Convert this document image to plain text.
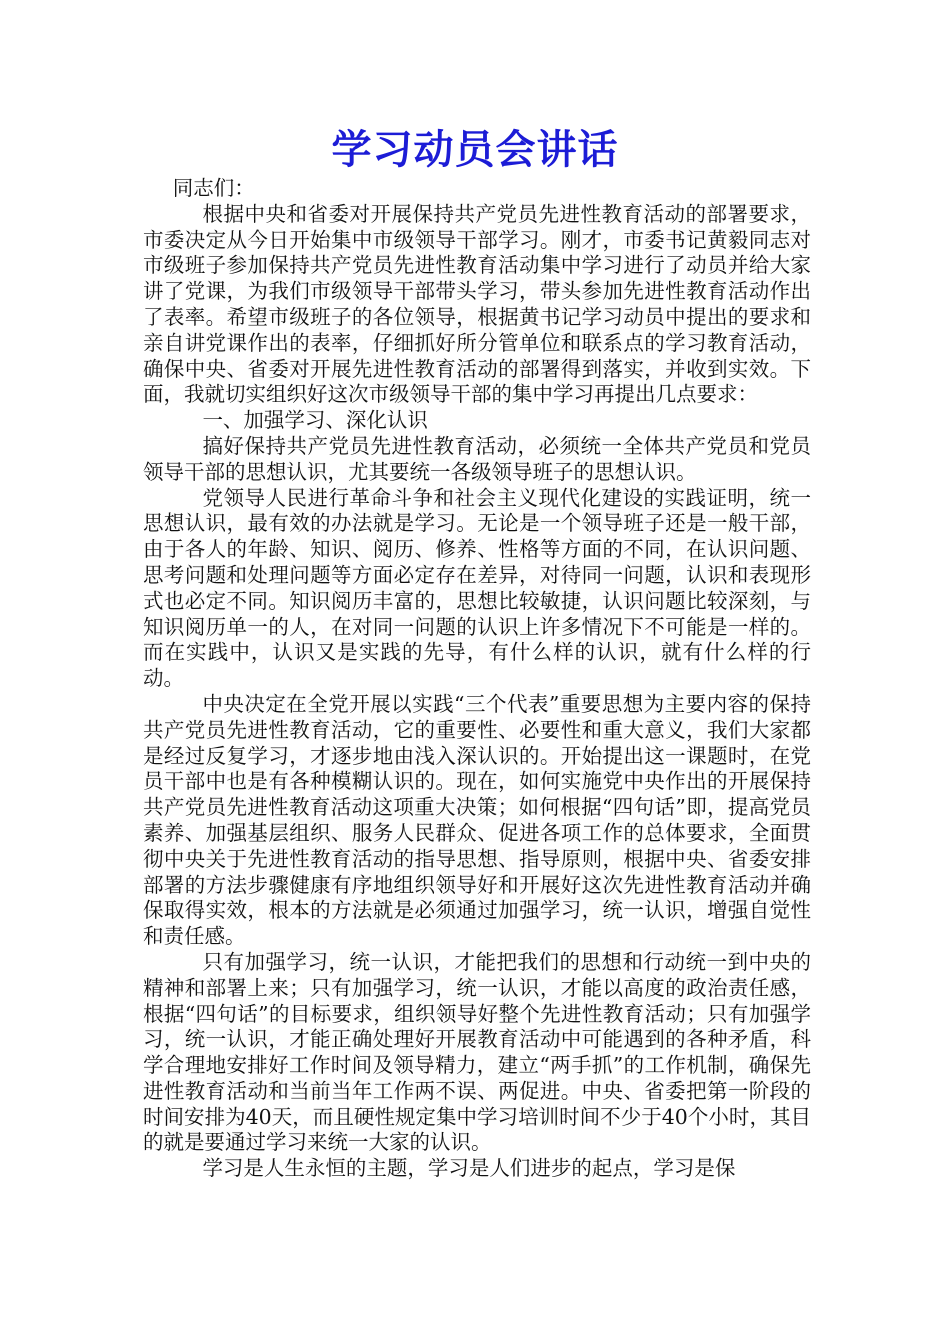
学习动员会讲话

同志们：

根据中央和省委对开展保持共产党员先进性教育活动的部署要求，市委决定从今日开始集中市级领导干部学习。刚才，市委书记黄毅同志对市级班子参加保持共产党员先进性教育活动集中学习进行了动员并给大家讲了党课，为我们市级领导干部带头学习，带头参加先进性教育活动作出了表率。希望市级班子的各位领导，根据黄书记学习动员中提出的要求和亲自讲党课作出的表率，仔细抓好所分管单位和联系点的学习教育活动，确保中央、省委对开展先进性教育活动的部署得到落实，并收到实效。下面，我就切实组织好这次市级领导干部的集中学习再提出几点要求：

一、加强学习、深化认识

搞好保持共产党员先进性教育活动，必须统一全体共产党员和党员领导干部的思想认识，尤其要统一各级领导班子的思想认识。

党领导人民进行革命斗争和社会主义现代化建设的实践证明，统一思想认识，最有效的办法就是学习。无论是一个领导班子还是一般干部，由于各人的年龄、知识、阅历、修养、性格等方面的不同，在认识问题、思考问题和处理问题等方面必定存在差异，对待同一问题，认识和表现形式也必定不同。知识阅历丰富的，思想比较敏捷，认识问题比较深刻，与知识阅历单一的人，在对同一问题的认识上许多情况下不可能是一样的。而在实践中，认识又是实践的先导，有什么样的认识，就有什么样的行动。

中央决定在全党开展以实践“三个代表”重要思想为主要内容的保持共产党员先进性教育活动，它的重要性、必要性和重大意义，我们大家都是经过反复学习，才逐步地由浅入深认识的。开始提出这一课题时，在党员干部中也是有各种模糊认识的。现在，如何实施党中央作出的开展保持共产党员先进性教育活动这项重大决策；如何根据“四句话”即，提高党员素养、加强基层组织、服务人民群众、促进各项工作的总体要求，全面贯彻中央关于先进性教育活动的指导思想、指导原则，根据中央、省委安排部署的方法步骤健康有序地组织领导好和开展好这次先进性教育活动并确保取得实效，根本的方法就是必须通过加强学习，统一认识，增强自觉性和责任感。

只有加强学习，统一认识，才能把我们的思想和行动统一到中央的精神和部署上来；只有加强学习，统一认识，才能以高度的政治责任感，根据“四句话”的目标要求，组织领导好整个先进性教育活动；只有加强学习，统一认识，才能正确处理好开展教育活动中可能遇到的各种矛盾，科学合理地安排好工作时间及领导精力，建立“两手抓”的工作机制，确保先进性教育活动和当前当年工作两不误、两促进。中央、省委把第一阶段的时间安排为40天，而且硬性规定集中学习培训时间不少于40个小时，其目的就是要通过学习来统一大家的认识。

学习是人生永恒的主题，学习是人们进步的起点，学习是保
